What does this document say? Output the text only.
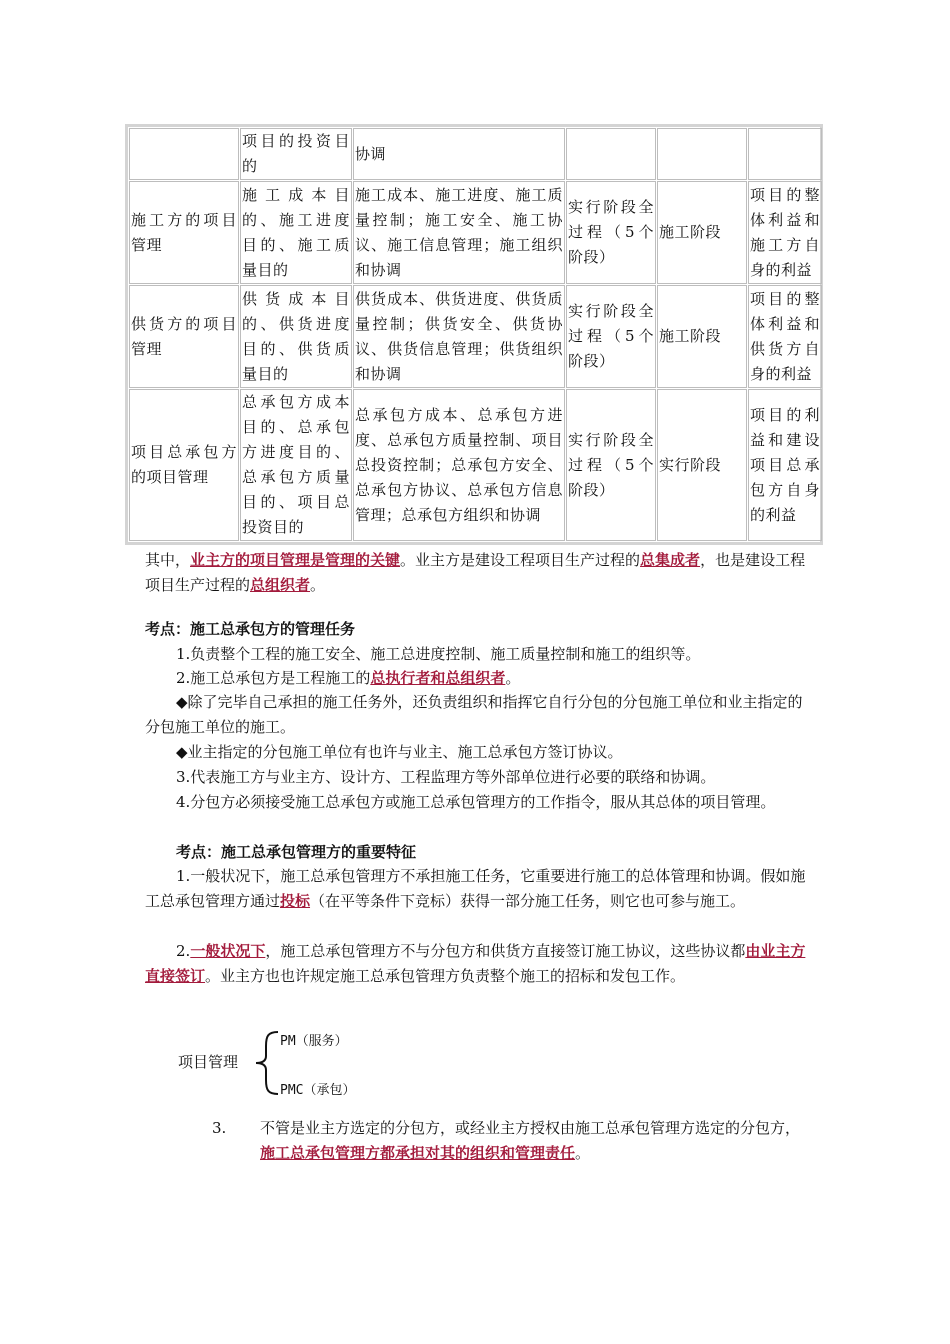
	项目的投资目的	协调			
施工方的项目管理	施工成本目的、施工进度目的、施工质量目的	施工成本、施工进度、施工质量控制；施工安全、施工协议、施工信息管理；施工组织和协调	实行阶段全过程（5个阶段）	施工阶段	项目的整体利益和施工方自身的利益
供货方的项目管理	供货成本目的、供货进度目的、供货质量目的	供货成本、供货进度、供货质量控制；供货安全、供货协议、供货信息管理；供货组织和协调	实行阶段全过程（5个阶段）	施工阶段	项目的整体利益和供货方自身的利益
项目总承包方的项目管理	总承包方成本目的、总承包方进度目的、总承包方质量目的、项目总投资目的	总承包方成本、总承包方进度、总承包方质量控制、项目总投资控制；总承包方安全、总承包方协议、总承包方信息管理；总承包方组织和协调	实行阶段全过程（5个阶段）	实行阶段	项目的利益和建设项目总承包方自身的利益
其中，业主方的项目管理是管理的关键。业主方是建设工程项目生产过程的总集成者，也是建设工程项目生产过程的总组织者。
考点：施工总承包方的管理任务
1.负责整个工程的施工安全、施工总进度控制、施工质量控制和施工的组织等。
2.施工总承包方是工程施工的总执行者和总组织者。
◆除了完毕自己承担的施工任务外，还负责组织和指挥它自行分包的分包施工单位和业主指定的分包施工单位的施工。
◆业主指定的分包施工单位有也许与业主、施工总承包方签订协议。
3.代表施工方与业主方、设计方、工程监理方等外部单位进行必要的联络和协调。
4.分包方必须接受施工总承包方或施工总承包管理方的工作指令，服从其总体的项目管理。
考点：施工总承包管理方的重要特征
1.一般状况下，施工总承包管理方不承担施工任务，它重要进行施工的总体管理和协调。假如施工总承包管理方通过投标（在平等条件下竞标）获得一部分施工任务，则它也可参与施工。
2.一般状况下，施工总承包管理方不与分包方和供货方直接签订施工协议，这些协议都由业主方直接签订。业主方也也许规定施工总承包管理方负责整个施工的招标和发包工作。
项目管理
PM（服务）
PMC（承包）
3.	不管是业主方选定的分包方，或经业主方授权由施工总承包管理方选定的分包方，施工总承包管理方都承担对其的组织和管理责任。
